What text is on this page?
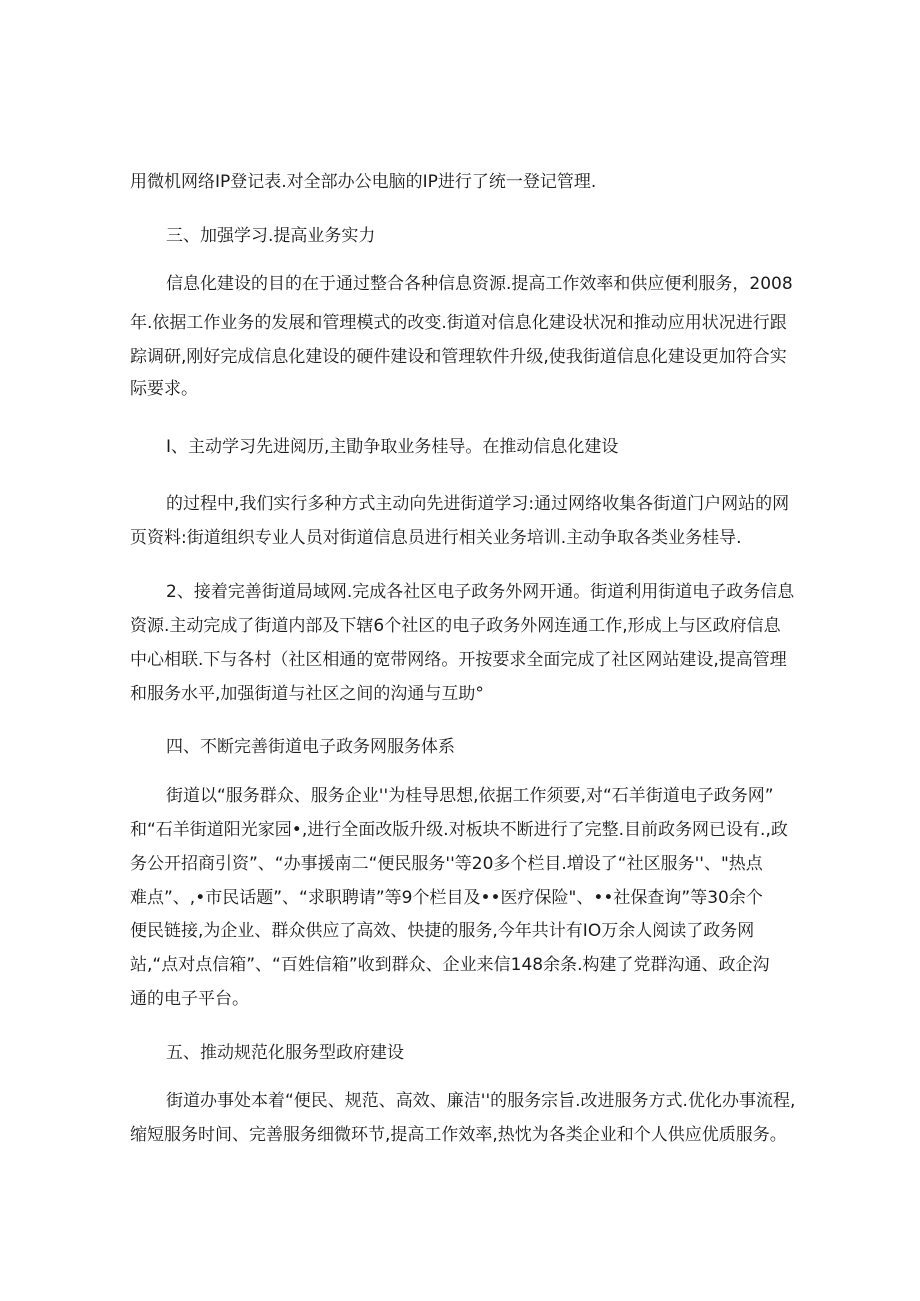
用微机网络IP登记表.对全部办公电脑的IP进行了统一登记管理.
三、加强学习.提高业务实力
信息化建设的目的在于通过整合各种信息资源.提高工作效率和供应便利服务，2008
年.依据工作业务的发展和管理模式的改变.街道对信息化建设状况和推动应用状况进行跟
踪调研,刚好完成信息化建设的硬件建设和管理软件升级,使我街道信息化建设更加符合实
际要求。
I、主动学习先进阅历,主勖争取业务桂导。在推动信息化建设
的过程中,我们实行多种方式主动向先进街道学习:通过网络收集各街道门户网站的网
页资料:街道组织专业人员对街道信息员进行相关业务培训.主动争取各类业务桂导.
2、接着完善街道局域网.完成各社区电子政务外网开通。街道利用街道电子政务信息
资源.主动完成了街道内部及下辖6个社区的电子政务外网连通工作,形成上与区政府信息
中心相联.下与各村（社区相通的宽带网络。开按要求全面完成了社区网站建设,提高管理
和服务水平,加强街道与社区之间的沟通与互助°
四、不断完善街道电子政务网服务体系
街道以“服务群众、服务企业''为桂导思想,依据工作须要,对“石羊街道电子政务网”
和“石羊街道阳光家园•,进行全面改版升级.对板块不断进行了完整.目前政务网已设有.,政
务公开招商引资”、“办事援南二“便民服务''等20多个栏目.増设了“社区服务''、"热点
难点”、,•市民话题”、“求职聘请”等9个栏目及••医疗保险"、••社保查询”等30余个
便民链接,为企业、群众供应了高效、快捷的服务,今年共计有IO万余人阅读了政务网
站,“点对点信箱”、“百姓信箱”收到群众、企业来信148余条.构建了党群沟通、政企沟
通的电子平台。
五、推动规范化服务型政府建设
街道办事处本着“便民、规范、高效、廉洁''的服务宗旨.改进服务方式.优化办事流程,
缩短服务时间、完善服务细微环节,提高工作效率,热忱为各类企业和个人供应优质服务。
